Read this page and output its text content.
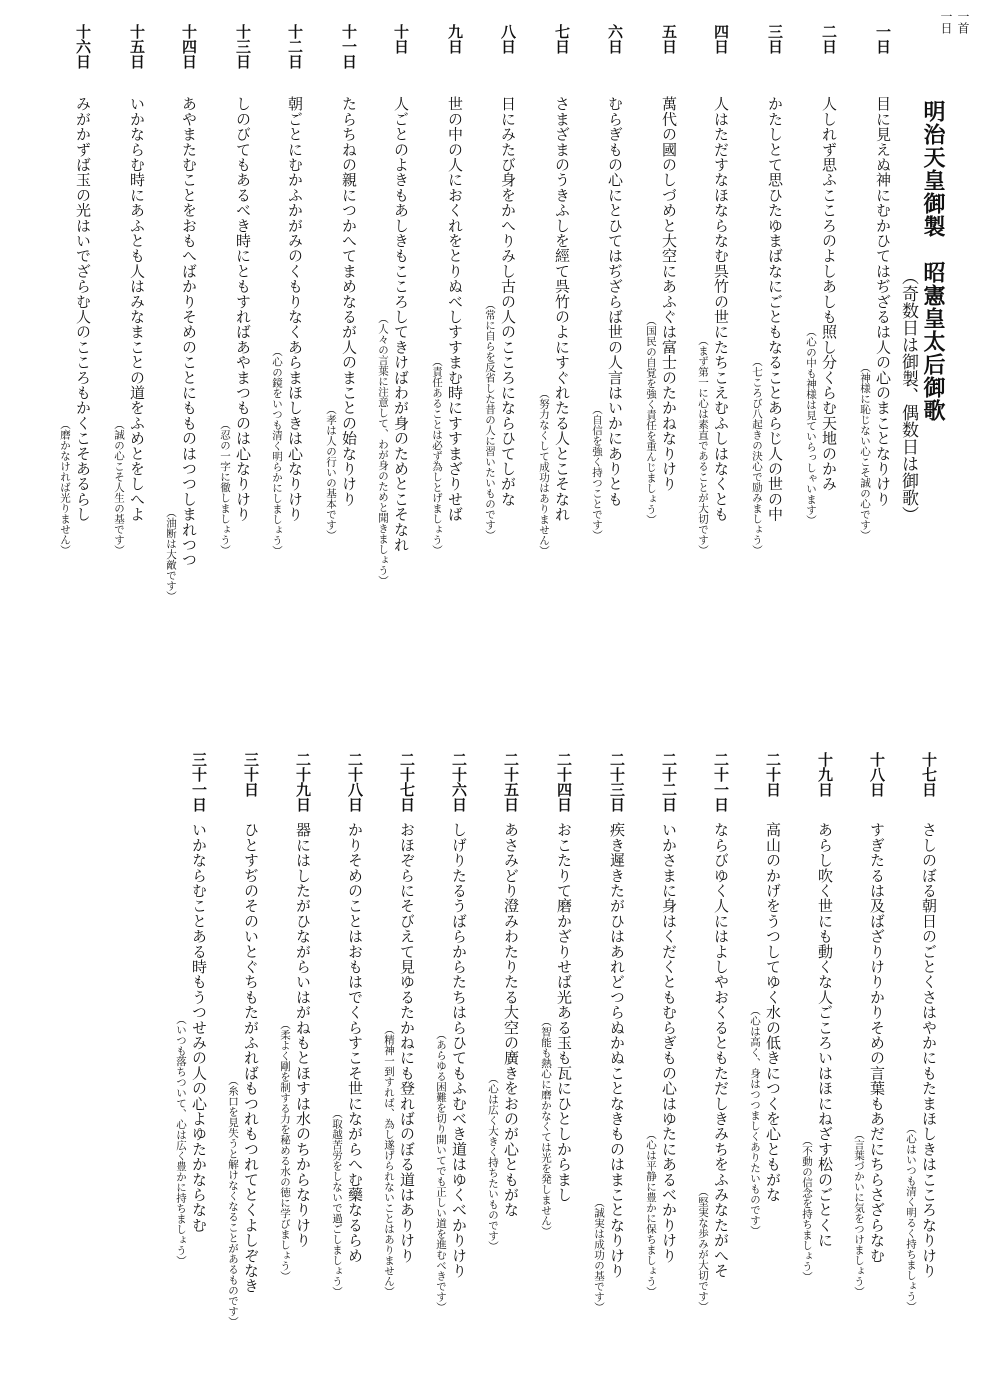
一日 一首
明治天皇御製　昭憲皇太后御歌
（奇数日は御製、偶数日は御歌）
一日
目に見えぬ神にむかひてはぢざるは人の心のまことなりけり
（神様に恥じない心こそ誠の心です）
二日
人しれず思ふこころのよしあしも照し分くらむ天地のかみ
（心の中も神様は見ていらっしゃいます）
三日
かたしとて思ひたゆまばなにごともなることあらじ人の世の中
（七ころび八起きの決心で励みましょう）
四日
人はただすなほならなむ呉竹の世にたちこえむふしはなくとも
（まず第一に心は素直であることが大切です）
五日
萬代の國のしづめと大空にあふぐは富士のたかねなりけり
（国民の自覚を強く責任を重んじましょう）
六日
むらぎもの心にとひてはぢざらば世の人言はいかにありとも
（自信を強く持つことです）
七日
さまざまのうきふしを經て呉竹のよにすぐれたる人とこそなれ
（努力なくして成功はありません）
八日
日にみたび身をかへりみし古の人のこころにならひてしがな
（常に自らを反省した昔の人に習いたいものです）
九日
世の中の人におくれをとりぬべしすすまむ時にすすまざりせば
（責任あることは必ず為しとげましょう）
十日
人ごとのよきもあしきもこころしてきけばわが身のためとこそなれ
（人々の言葉に注意して、わが身のためと聞きましょう）
十一日
たらちねの親につかへてまめなるが人のまことの始なりけり
（孝は人の行いの基本です）
十二日
朝ごとにむかふかがみのくもりなくあらまほしきは心なりけり
（心の鏡をいつも清く明らかにしましょう）
十三日
しのびてもあるべき時にともすればあやまつものは心なりけり
（忍の一字に徹しましょう）
十四日
あやまたむことをおもへばかりそめのことにもものはつつしまれつつ
（油断は大敵です）
十五日
いかならむ時にあふとも人はみなまことの道をふめとをしへよ
（誠の心こそ人生の基です）
十六日
みがかずば玉の光はいでざらむ人のこころもかくこそあるらし
（磨かなければ光りません）
十七日
さしのぼる朝日のごとくさはやかにもたまほしきはこころなりけり
（心はいつも清く明るく持ちましょう）
十八日
すぎたるは及ばざりけりかりそめの言葉もあだにちらさざらなむ
（言葉づかいに気をつけましょう）
十九日
あらし吹く世にも動くな人ごころいはほにねざす松のごとくに
（不動の信念を持ちましょう）
二十日
高山のかげをうつしてゆく水の低きにつくを心ともがな
（心は高く、身はつつましくありたいものです）
二十一日
ならびゆく人にはよしやおくるともただしきみちをふみなたがへそ
（堅実な歩みが大切です）
二十二日
いかさまに身はくだくともむらぎもの心はゆたにあるべかりけり
（心は平静に豊かに保ちましょう）
二十三日
疾き遲きたがひはあれどつらぬかぬことなきものはまことなりけり
（誠実は成功の基です）
二十四日
おこたりて磨かざりせば光ある玉も瓦にひとしからまし
（智能も熱心に磨かなくては光を発しません）
二十五日
あさみどり澄みわたりたる大空の廣きをおのが心ともがな
（心は広く大きく持ちたいものです）
二十六日
しげりたるうばらからたちはらひてもふむべき道はゆくべかりけり
（あらゆる困難を切り開いてでも正しい道を進むべきです）
二十七日
おほぞらにそびえて見ゆるたかねにも登ればのぼる道はありけり
（精神一到すれば、為し遂げられないことはありません）
二十八日
かりそめのことはおもはでくらすこそ世にながらへむ藥なるらめ
（取越苦労をしないで過ごしましょう）
二十九日
器にはしたがひながらいはがねもとほすは水のちからなりけり
（柔よく剛を制する力を秘める水の徳に学びましょう）
三十日
ひとすぢのそのいとぐちもたがふればもつれもつれてとくよしぞなき
（糸口を見失うと解けなくなることがあるものです）
三十一日
いかならむことある時もうつせみの人の心よゆたかならなむ
（いつも落ちついて、心は広く豊かに持ちましょう）
